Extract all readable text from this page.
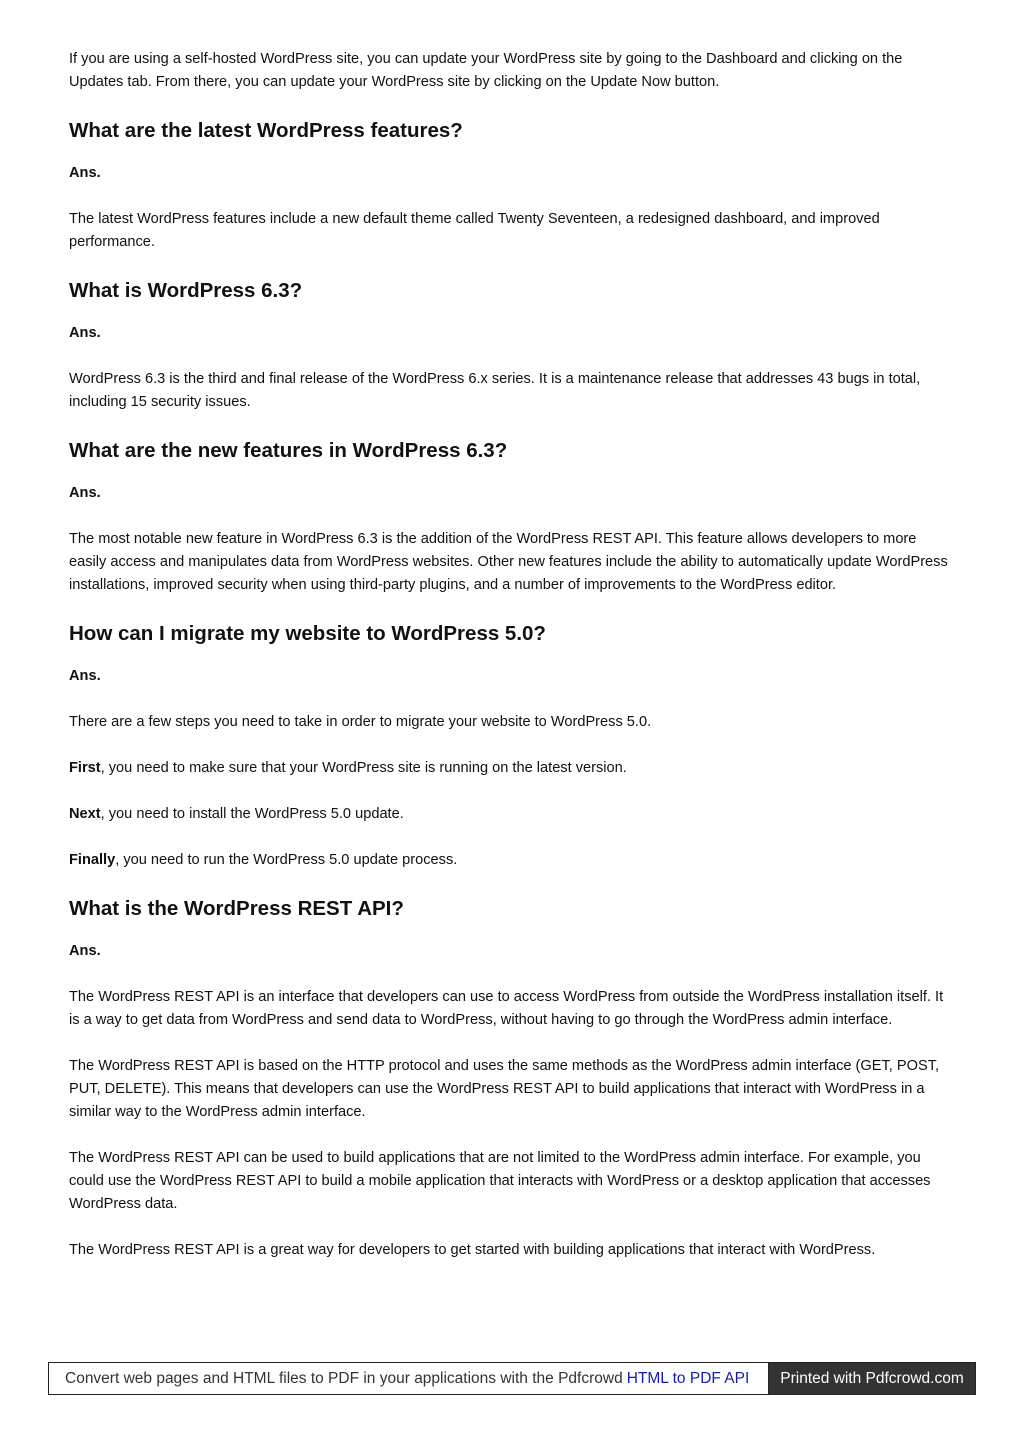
If you are using a self-hosted WordPress site, you can update your WordPress site by going to the Dashboard and clicking on the Updates tab. From there, you can update your WordPress site by clicking on the Update Now button.

What are the latest WordPress features?

Ans.

The latest WordPress features include a new default theme called Twenty Seventeen, a redesigned dashboard, and improved performance.

What is WordPress 6.3?

Ans.

WordPress 6.3 is the third and final release of the WordPress 6.x series. It is a maintenance release that addresses 43 bugs in total, including 15 security issues.

What are the new features in WordPress 6.3?

Ans.

The most notable new feature in WordPress 6.3 is the addition of the WordPress REST API. This feature allows developers to more easily access and manipulates data from WordPress websites. Other new features include the ability to automatically update WordPress installations, improved security when using third-party plugins, and a number of improvements to the WordPress editor.

How can I migrate my website to WordPress 5.0?

Ans.

There are a few steps you need to take in order to migrate your website to WordPress 5.0.

First, you need to make sure that your WordPress site is running on the latest version.

Next, you need to install the WordPress 5.0 update.

Finally, you need to run the WordPress 5.0 update process.

What is the WordPress REST API?

Ans.

The WordPress REST API is an interface that developers can use to access WordPress from outside the WordPress installation itself. It is a way to get data from WordPress and send data to WordPress, without having to go through the WordPress admin interface.

The WordPress REST API is based on the HTTP protocol and uses the same methods as the WordPress admin interface (GET, POST, PUT, DELETE). This means that developers can use the WordPress REST API to build applications that interact with WordPress in a similar way to the WordPress admin interface.

The WordPress REST API can be used to build applications that are not limited to the WordPress admin interface. For example, you could use the WordPress REST API to build a mobile application that interacts with WordPress or a desktop application that accesses WordPress data.

The WordPress REST API is a great way for developers to get started with building applications that interact with WordPress.

Convert web pages and HTML files to PDF in your applications with the Pdfcrowd HTML to PDF API Printed with Pdfcrowd.com
